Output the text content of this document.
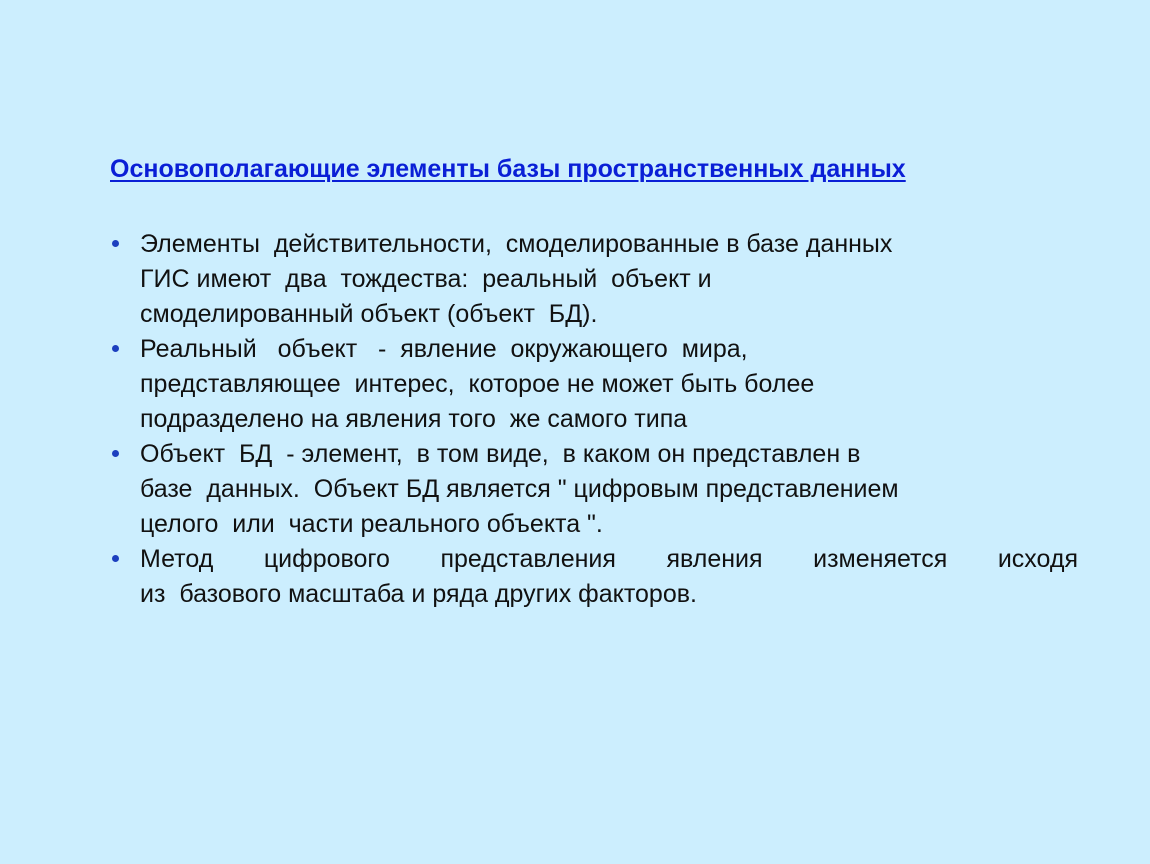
Основополагающие элементы базы пространственных данных
Элементы  действительности,  смоделированные в базе данных
ГИС имеют  два  тождества:  реальный  объект и
смоделированный объект (объект  БД).
Реальный   объект   -  явление  окружающего  мира,
представляющее  интерес,  которое не может быть более
подразделено на явления того  же самого типа
Объект  БД  - элемент,  в том виде,  в каком он представлен в
базе  данных.  Объект БД является " цифровым представлением
целого  или  части реального объекта ".
Метод цифрового представления явления изменяется исходя
из  базового масштаба и ряда других факторов.
